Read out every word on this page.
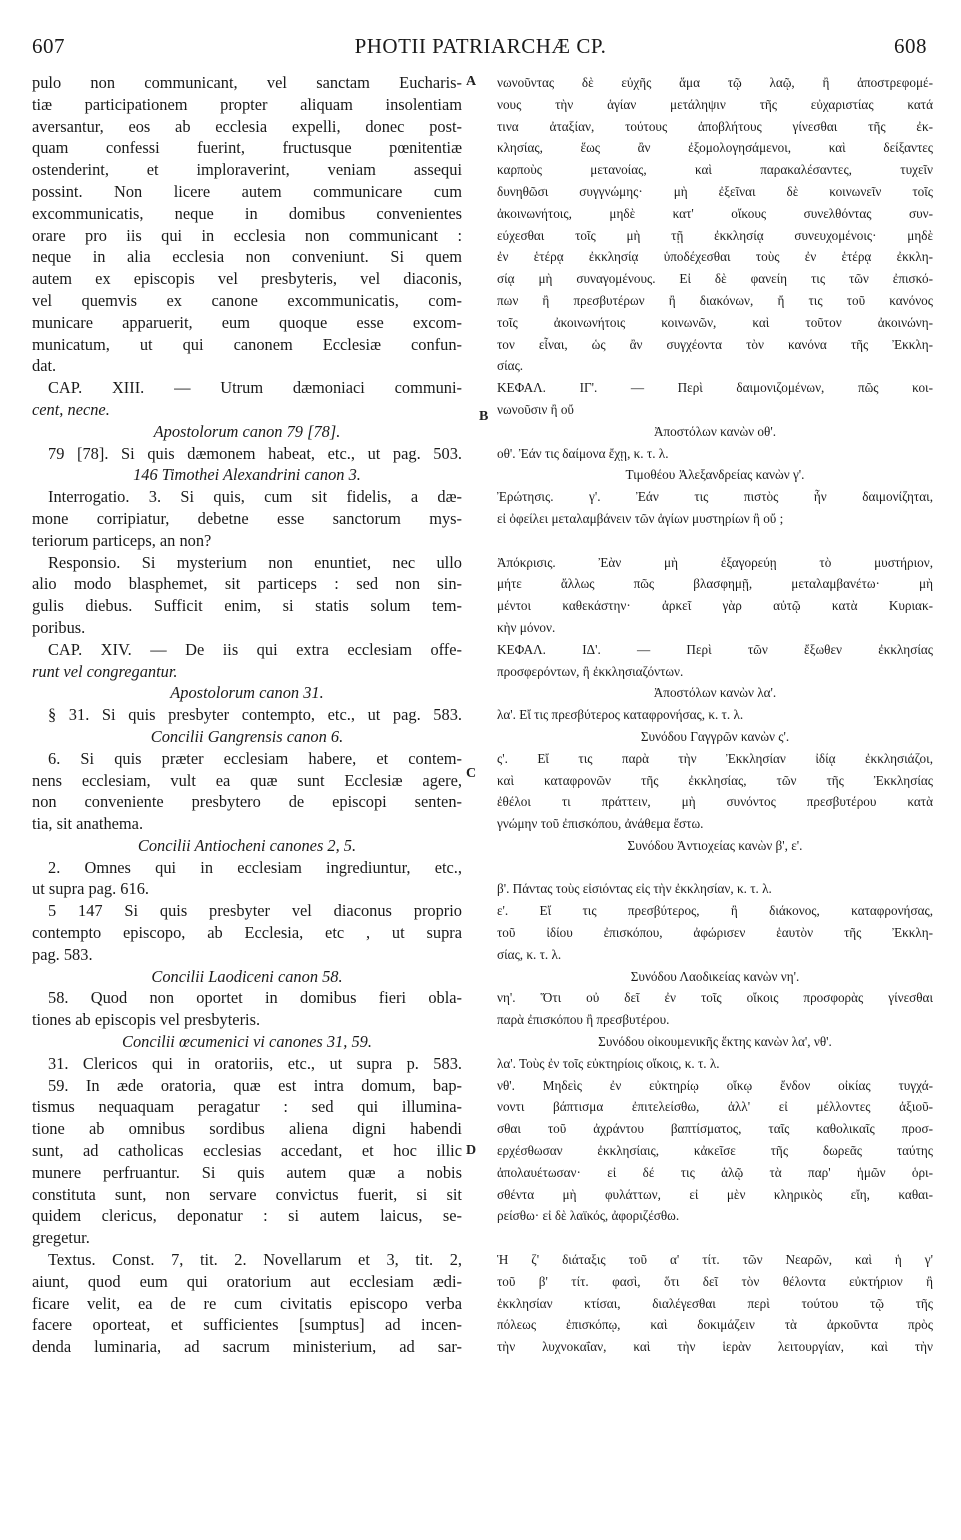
607	PHOTII PATRIARCHÆ CP.	608
pulo non communicant, vel sanctam Eucharis-
tiæ participationem propter aliquam insolentiam
aversantur, eos ab ecclesia expelli, donec post-
quam confessi fuerint, fructusque pœnitentiæ
ostenderint, et imploraverint, veniam assequi
possint. Non licere autem communicare cum
excommunicatis, neque in domibus convenientes
orare pro iis qui in ecclesia non communicant :
neque in alia ecclesia non conveniunt. Si quem
autem ex episcopis vel presbyteris, vel diaconis,
vel quemvis ex canone excommunicatis, com-
municare apparuerit, eum quoque esse excom-
municatum, ut qui canonem Ecclesiæ confun-
dat.
CAP. XIII. — Utrum dæmoniaci communi-
cent, necne.
Apostolorum canon 79 [78].
79 [78]. Si quis dæmonem habeat, etc., ut pag. 503.
146 Timothei Alexandrini canon 3.
Interrogatio. 3. Si quis, cum sit fidelis, a dæ-
mone corripiatur, debetne esse sanctorum mys-
teriorum particeps, an non?
Responsio. Si mysterium non enuntiet, nec ullo
alio modo blasphemet, sit particeps : sed non sin-
gulis diebus. Sufficit enim, si statis solum tem-
poribus.
CAP. XIV. — De iis qui extra ecclesiam offe-
runt vel congregantur.
Apostolorum canon 31.
§ 31. Si quis presbyter contempto, etc., ut pag. 583.
Concilii Gangrensis canon 6.
6. Si quis præter ecclesiam habere, et contem-
nens ecclesiam, vult ea quæ sunt Ecclesiæ agere,
non conveniente presbytero de episcopi senten-
tia, sit anathema.
Concilii Antiocheni canones 2, 5.
2. Omnes qui in ecclesiam ingrediuntur, etc.,
ut supra pag. 616.
5 147 Si quis presbyter vel diaconus proprio
contempto episcopo, ab Ecclesia, etc , ut supra
pag. 583.
Concilii Laodiceni canon 58.
58. Quod non oportet in domibus fieri obla-
tiones ab episcopis vel presbyteris.
Concilii œcumenici vi canones 31, 59.
31. Clericos qui in oratoriis, etc., ut supra p. 583.
59. In æde oratoria, quæ est intra domum, bap-
tismus nequaquam peragatur : sed qui illumina-
tione ab omnibus sordibus aliena digni habendi
sunt, ad catholicas ecclesias accedant, et hoc illic
munere perfruantur. Si quis autem quæ a nobis
constituta sunt, non servare convictus fuerit, si sit
quidem clericus, deponatur : si autem laicus, se-
gregetur.
Textus. Const. 7, tit. 2. Novellarum et 3, tit. 2,
aiunt, quod eum qui oratorium aut ecclesiam ædi-
ficare velit, ea de re cum civitatis episcopo verba
facere oporteat, et sufficientes [sumptus] ad incen-
denda luminaria, ad sacrum ministerium, ad sar-
νωνοῦντας δὲ εὐχῆς ἅμα τῷ λαῷ, ἢ ἀποστρεφομέ-
νους τὴν ἁγίαν μετάληψιν τῆς εὐχαριστίας κατά
τινα ἀταξίαν, τούτους ἀποβλήτους γίνεσθαι τῆς ἐκ-
κλησίας, ἕως ἂν ἐξομολογησάμενοι, καὶ δείξαντες
καρποὺς μετανοίας, καὶ παρακαλέσαντες, τυχεῖν
δυνηθῶσι συγγνώμης· μὴ ἐξεῖναι δὲ κοινωνεῖν τοῖς
ἀκοινωνήτοις, μηδὲ κατ' οἴκους συνελθόντας συν-
εύχεσθαι τοῖς μὴ τῇ ἐκκλησίᾳ συνευχομένοις· μηδὲ
ἐν ἑτέρᾳ ἐκκλησίᾳ ὑποδέχεσθαι τοὺς ἐν ἑτέρᾳ ἐκκλη-
σίᾳ μὴ συναγομένους. Εἰ δὲ φανείη τις τῶν ἐπισκό-
πων ἢ πρεσβυτέρων ἢ διακόνων, ἤ τις τοῦ κανόνος
τοῖς ἀκοινωνήτοις κοινωνῶν, καὶ τοῦτον ἀκοινώνη-
τον εἶναι, ὡς ἂν συγχέοντα τὸν κανόνα τῆς Ἐκκλη-
σίας.
ΚΕΦΑΛ. ΙΓ'. — Περὶ δαιμονιζομένων, πῶς κοι-
νωνοῦσιν ἢ οὔ
Ἀποστόλων κανὼν οθ'.
οθ'. Ἐάν τις δαίμονα ἔχῃ, κ. τ. λ.
Τιμοθέου Ἀλεξανδρείας κανὼν γ'.
Ἐρώτησις. γ'. Ἐάν τις πιστὸς ἦν δαιμονίζηται,
εἰ ὀφείλει μεταλαμβάνειν τῶν ἁγίων μυστηρίων ἢ οὔ ;
Ἀπόκρισις. Ἐὰν μὴ ἐξαγορεύῃ τὸ μυστήριον,
μήτε ἄλλως πῶς βλασφημῇ, μεταλαμβανέτω· μὴ
μέντοι καθεκάστην· ἀρκεῖ γὰρ αὐτῷ κατὰ Κυριακ-
κὴν μόνον.
ΚΕΦΑΛ. ΙΔ'. — Περὶ τῶν ἔξωθεν ἐκκλησίας
προσφερόντων, ἢ ἐκκλησιαζόντων.
Ἀποστόλων κανὼν λα'.
λα'. Εἴ τις πρεσβύτερος καταφρονήσας, κ. τ. λ.
Συνόδου Γαγγρῶν κανὼν ς'.
ς'. Εἴ τις παρὰ τὴν Ἐκκλησίαν ἰδίᾳ ἐκκλησιάζοι,
καὶ καταφρονῶν τῆς ἐκκλησίας, τῶν τῆς Ἐκκλησίας
ἐθέλοι τι πράττειν, μὴ συνόντος πρεσβυτέρου κατὰ
γνώμην τοῦ ἐπισκόπου, ἀνάθεμα ἔστω.
Συνόδου Ἀντιοχείας κανὼν β', ε'.
β'. Πάντας τοὺς εἰσιόντας εἰς τὴν ἐκκλησίαν, κ. τ. λ.
ε'. Εἴ τις πρεσβύτερος, ἢ διάκονος, καταφρονήσας,
τοῦ ἰδίου ἐπισκόπου, ἀφώρισεν ἑαυτὸν τῆς Ἐκκλη-
σίας, κ. τ. λ.
Συνόδου Λαοδικείας κανὼν νη'.
νη'. Ὅτι οὐ δεῖ ἐν τοῖς οἴκοις προσφορὰς γίνεσθαι
παρὰ ἐπισκόπου ἢ πρεσβυτέρου.
Συνόδου οἰκουμενικῆς ἕκτης κανὼν λα', νθ'.
λα'. Τοὺς ἐν τοῖς εὐκτηρίοις οἴκοις, κ. τ. λ.
νθ'. Μηδεὶς ἐν εὐκτηρίῳ οἴκῳ ἔνδον οἰκίας τυγχά-
νοντι βάπτισμα ἐπιτελείσθω, ἀλλ' εἰ μέλλοντες ἀξιοῦ-
σθαι τοῦ ἀχράντου βαπτίσματος, ταῖς καθολικαῖς προσ-
ερχέσθωσαν ἐκκλησίαις, κἀκεῖσε τῆς δωρεᾶς ταύτης
ἀπολαυέτωσαν· εἰ δέ τις ἁλῷ τὰ παρ' ἡμῶν ὁρι-
σθέντα μὴ φυλάττων, εἰ μὲν κληρικὸς εἴη, καθαι-
ρείσθω· εἰ δὲ λαϊκός, ἀφοριζέσθω.
Ἡ ζ' διάταξις τοῦ α' τίτ. τῶν Νεαρῶν, καὶ ἡ γ'
τοῦ β' τίτ. φασὶ, ὅτι δεῖ τὸν θέλοντα εὐκτήριον ἢ
ἐκκλησίαν κτίσαι, διαλέγεσθαι περὶ τούτου τῷ τῆς
πόλεως ἐπισκόπῳ, καὶ δοκιμάζειν τὰ ἀρκοῦντα πρὸς
τὴν λυχνοκαΐαν, καὶ τὴν ἱερὰν λειτουργίαν, καὶ τὴν
A
B
C
D
